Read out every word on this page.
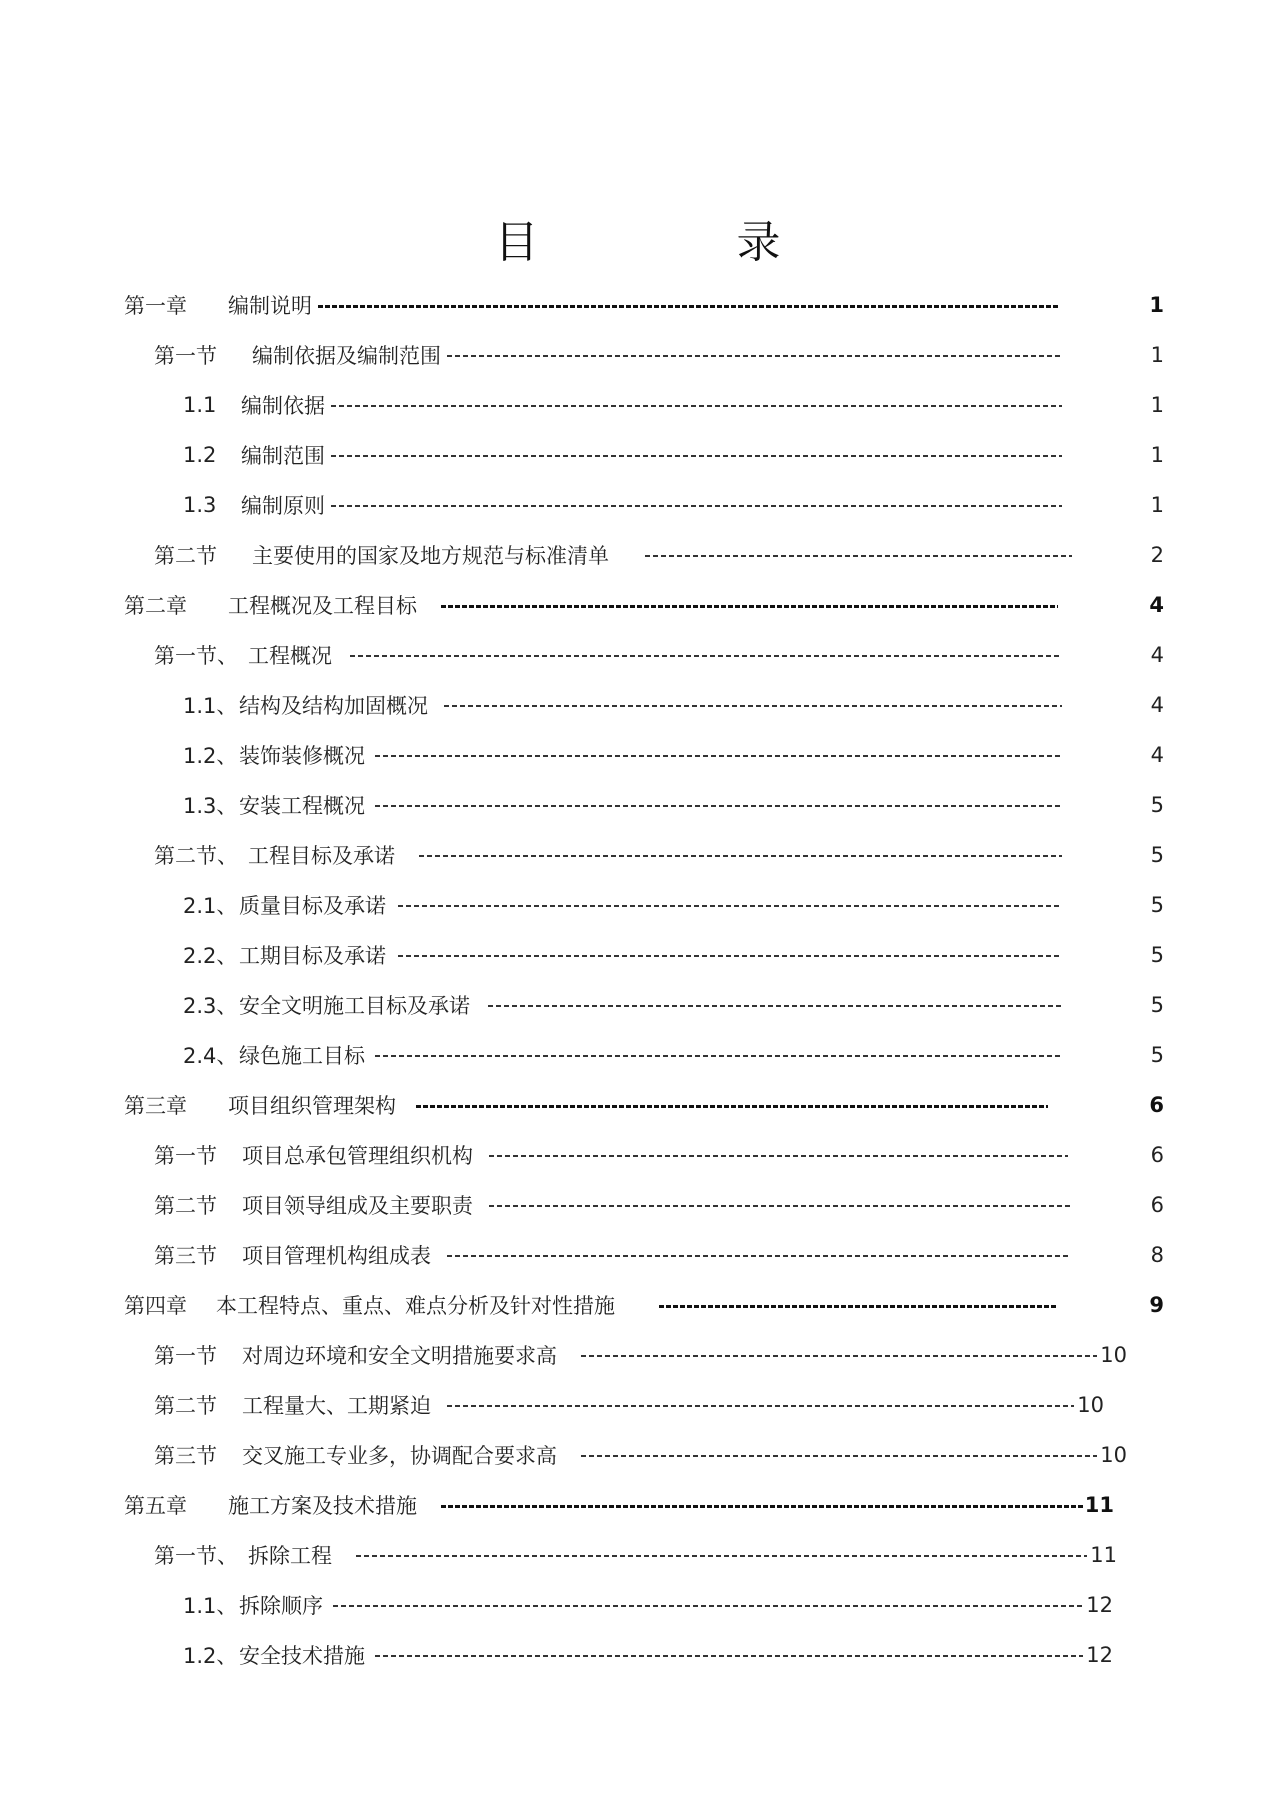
目 录
第一章	编制说明	1
第一节	编制依据及编制范围	1
1.1	编制依据	1
1.2	编制范围	1
1.3	编制原则	1
第二节	主要使用的国家及地方规范与标准清单	2
第二章	工程概况及工程目标	4
第一节、 工程概况	4
1.1、 结构及结构加固概况	4
1.2、 装饰装修概况	4
1.3、 安装工程概况	5
第二节、 工程目标及承诺	5
2.1、 质量目标及承诺	5
2.2、 工期目标及承诺	5
2.3、 安全文明施工目标及承诺	5
2.4、 绿色施工目标	5
第三章	项目组织管理架构	6
第一节	项目总承包管理组织机构	6
第二节	项目领导组成及主要职责	6
第三节	项目管理机构组成表	8
第四章	本工程特点、重点、难点分析及针对性措施	9
第一节	对周边环境和安全文明措施要求高	10
第二节	工程量大、工期紧迫	10
第三节	交叉施工专业多，协调配合要求高	10
第五章	施工方案及技术措施	11
第一节、 拆除工程	11
1.1、 拆除顺序	12
1.2、 安全技术措施	12
